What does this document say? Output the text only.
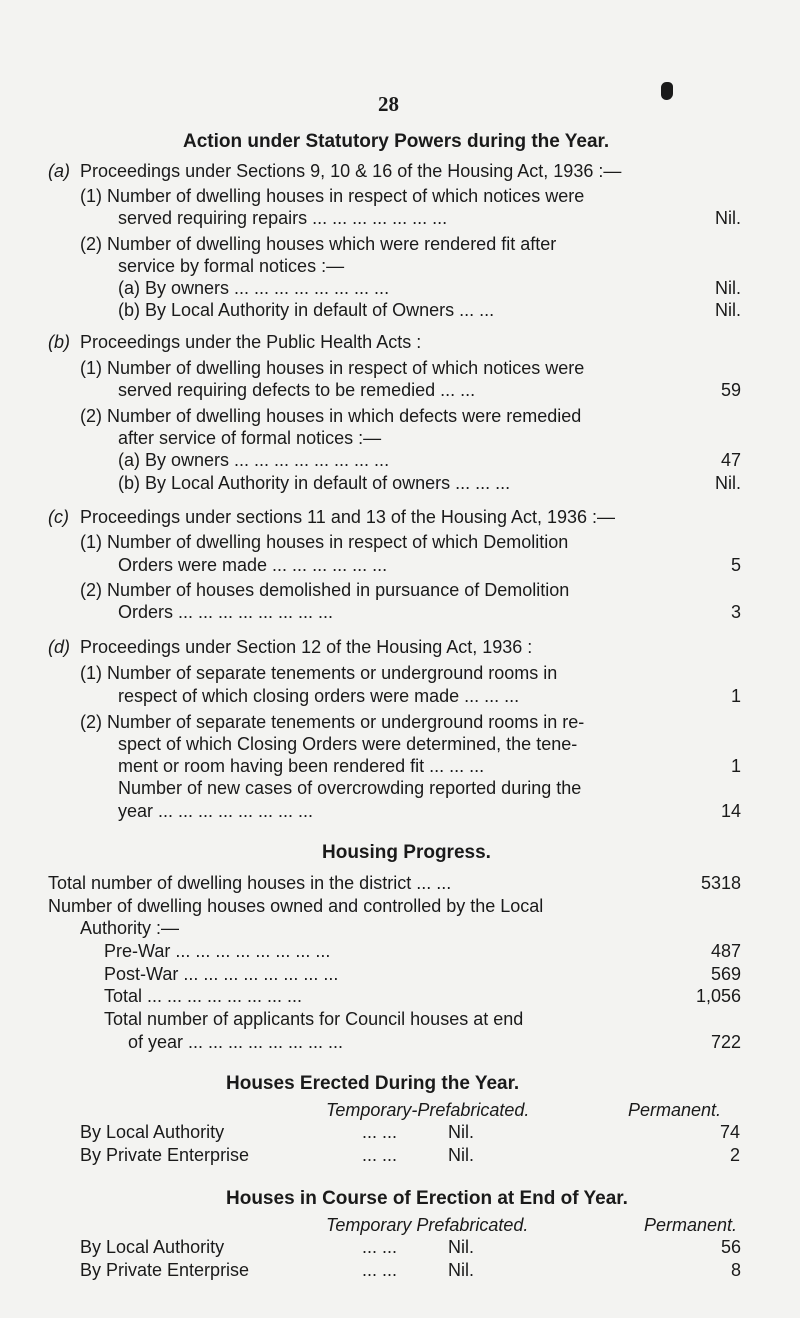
28
Action under Statutory Powers during the Year.
(a) Proceedings under Sections 9, 10 & 16 of the Housing Act, 1936 :—
(1) Number of dwelling houses in respect of which notices were
served requiring repairs ... ... ... ... ... ... ...	Nil.
(2) Number of dwelling houses which were rendered fit after
service by formal notices :—
(a) By owners ... ... ... ... ... ... ... ...	Nil.
(b) By Local Authority in default of Owners ... ...	Nil.
(b) Proceedings under the Public Health Acts :
(1) Number of dwelling houses in respect of which notices were
served requiring defects to be remedied ... ...	59
(2) Number of dwelling houses in which defects were remedied
after service of formal notices :—
(a) By owners ... ... ... ... ... ... ... ...	47
(b) By Local Authority in default of owners ... ... ...	Nil.
(c) Proceedings under sections 11 and 13 of the Housing Act, 1936 :—
(1) Number of dwelling houses in respect of which Demolition
Orders were made ... ... ... ... ... ...	5
(2) Number of houses demolished in pursuance of Demolition
Orders ... ... ... ... ... ... ... ...	3
(d) Proceedings under Section 12 of the Housing Act, 1936 :
(1) Number of separate tenements or underground rooms in
respect of which closing orders were made ... ... ...	1
(2) Number of separate tenements or underground rooms in re-
spect of which Closing Orders were determined, the tene-
ment or room having been rendered fit ... ... ...	1
Number of new cases of overcrowding reported during the
year ... ... ... ... ... ... ... ...	14
Housing Progress.
Total number of dwelling houses in the district ... ...	5318
Number of dwelling houses owned and controlled by the Local
Authority :—
Pre-War ... ... ... ... ... ... ... ...	487
Post-War ... ... ... ... ... ... ... ...	569
Total ... ... ... ... ... ... ... ...	1,056
Total number of applicants for Council houses at end
of year ... ... ... ... ... ... ... ...	722
Houses Erected During the Year.
Temporary-Prefabricated.	Permanent.
By Local Authority	... ...	Nil.	74
By Private Enterprise	... ...	Nil.	2
Houses in Course of Erection at End of Year.
Temporary Prefabricated.	Permanent.
By Local Authority	... ...	Nil.	56
By Private Enterprise	... ...	Nil.	8
